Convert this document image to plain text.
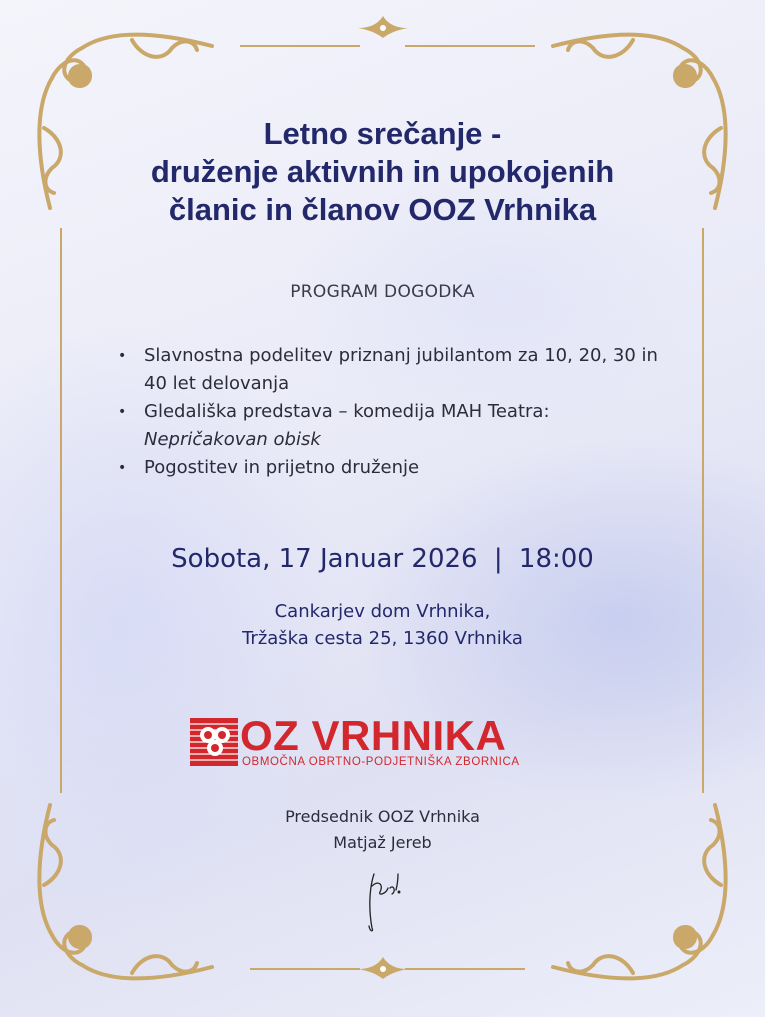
Letno srečanje -
druženje aktivnih in upokojenih
članic in članov OOZ Vrhnika

PROGRAM DOGODKA

• Slavnostna podelitev priznanj jubilantom za 10, 20, 30 in 40 let delovanja
• Gledališka predstava – komedija MAH Teatra:
Nepričakovan obisk
• Pogostitev in prijetno druženje
Sobota, 17 Januar 2026 | 18:00
Cankarjev dom Vrhnika,
Tržaška cesta 25, 1360 Vrhnika
OZ VRHNIKA
OBMOČNA OBRTNO-PODJETNIŠKA ZBORNICA
Predsednik OOZ Vrhnika
Matjaž Jereb
